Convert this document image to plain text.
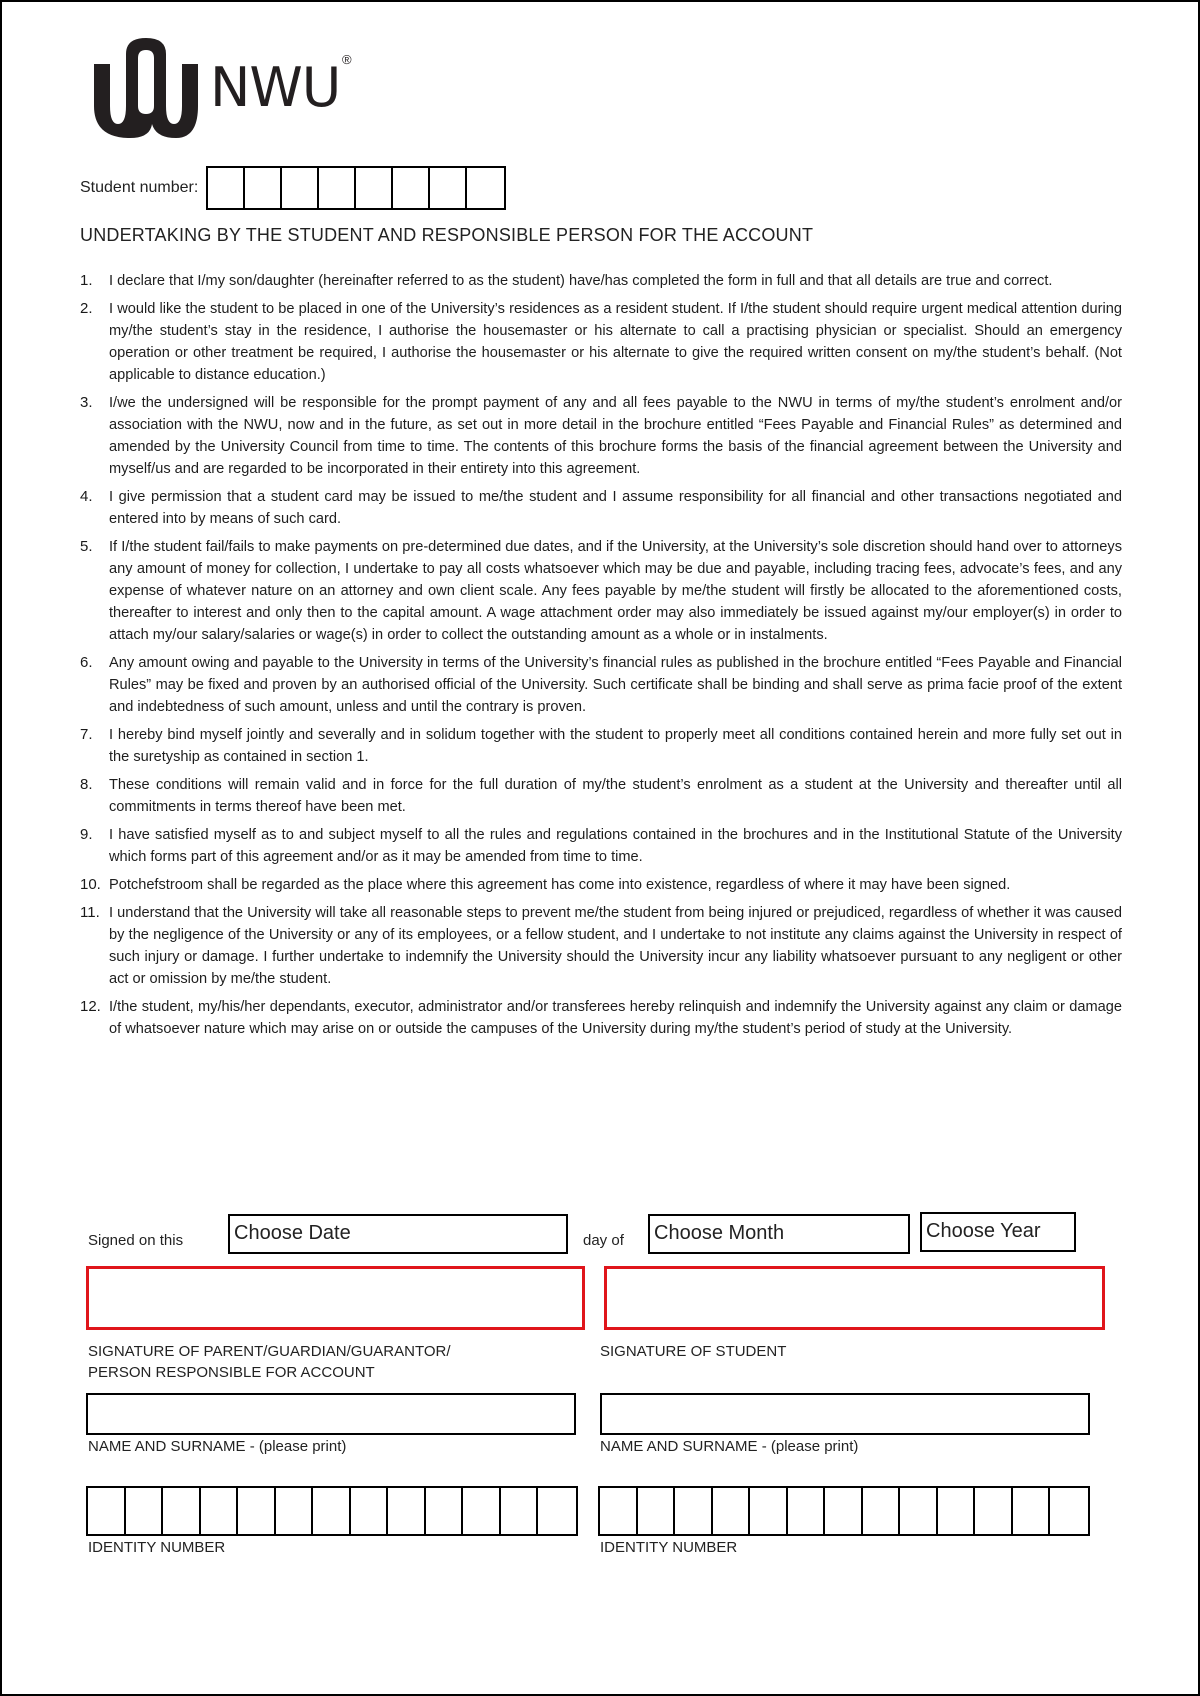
NWU ®
Student number:
UNDERTAKING BY THE STUDENT AND RESPONSIBLE PERSON FOR THE ACCOUNT
1.	I declare that I/my son/daughter (hereinafter referred to as the student) have/has completed the form in full and that all details are true and correct.
2.	I would like the student to be placed in one of the University’s residences as a resident student. If I/the student should require urgent medical attention during my/the student’s stay in the residence, I authorise the housemaster or his alternate to call a practising physician or specialist. Should an emergency operation or other treatment be required, I authorise the housemaster or his alternate to give the required written consent on my/the student’s behalf. (Not applicable to distance education.)
3.	I/we the undersigned will be responsible for the prompt payment of any and all fees payable to the NWU in terms of my/the student’s enrolment and/or association with the NWU, now and in the future, as set out in more detail in the brochure entitled “Fees Payable and Financial Rules” as determined and amended by the University Council from time to time. The contents of this brochure forms the basis of the financial agreement between the University and myself/us and are regarded to be incorporated in their entirety into this agreement.
4.	I give permission that a student card may be issued to me/the student and I assume responsibility for all financial and other transactions negotiated and entered into by means of such card.
5.	If I/the student fail/fails to make payments on pre-determined due dates, and if the University, at the University’s sole discretion should hand over to attorneys any amount of money for collection, I undertake to pay all costs whatsoever which may be due and payable, including tracing fees, advocate’s fees, and any expense of whatever nature on an attorney and own client scale. Any fees payable by me/the student will firstly be allocated to the aforementioned costs, thereafter to interest and only then to the capital amount. A wage attachment order may also immediately be issued against my/our employer(s) in order to attach my/our salary/salaries or wage(s) in order to collect the outstanding amount as a whole or in instalments.
6.	Any amount owing and payable to the University in terms of the University’s financial rules as published in the brochure entitled “Fees Payable and Financial Rules” may be fixed and proven by an authorised official of the University. Such certificate shall be binding and shall serve as prima facie proof of the extent and indebtedness of such amount, unless and until the contrary is proven.
7.	I hereby bind myself jointly and severally and in solidum together with the student to properly meet all conditions contained herein and more fully set out in the suretyship as contained in section 1.
8.	These conditions will remain valid and in force for the full duration of my/the student’s enrolment as a student at the University and thereafter until all commitments in terms thereof have been met.
9.	I have satisfied myself as to and subject myself to all the rules and regulations contained in the brochures and in the Institutional Statute of the University which forms part of this agreement and/or as it may be amended from time to time.
10. Potchefstroom shall be regarded as the place where this agreement has come into existence, regardless of where it may have been signed.
11. I understand that the University will take all reasonable steps to prevent me/the student from being injured or prejudiced, regardless of whether it was caused by the negligence of the University or any of its employees, or a fellow student, and I undertake to not institute any claims against the University in respect of such injury or damage. I further undertake to indemnify the University should the University incur any liability whatsoever pursuant to any negligent or other act or omission by me/the student.
12. I/the student, my/his/her dependants, executor, administrator and/or transferees hereby relinquish and indemnify the University against any claim or damage of whatsoever nature which may arise on or outside the campuses of the University during my/the student’s period of study at the University.
Signed on this	Choose Date	day of	Choose Month	Choose Year
SIGNATURE OF PARENT/GUARDIAN/GUARANTOR/
PERSON RESPONSIBLE FOR ACCOUNT
SIGNATURE OF STUDENT
NAME AND SURNAME - (please print)	NAME AND SURNAME - (please print)
IDENTITY NUMBER	IDENTITY NUMBER
